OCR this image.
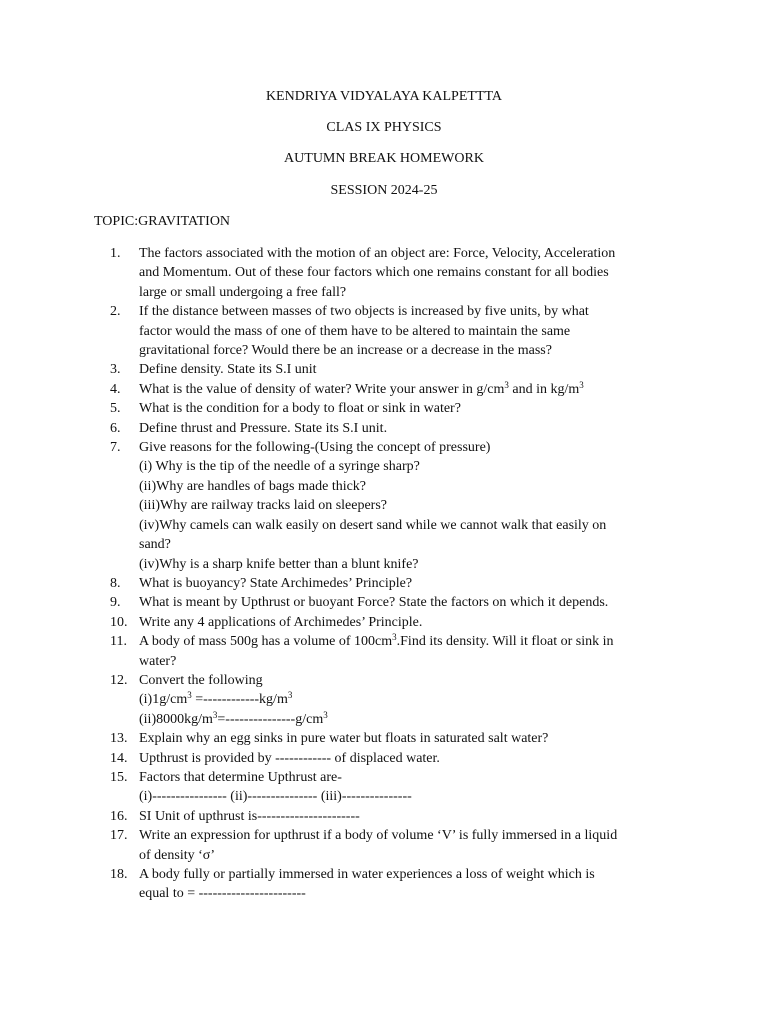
KENDRIYA VIDYALAYA KALPETTTA
CLAS IX PHYSICS
AUTUMN BREAK HOMEWORK
SESSION 2024-25
TOPIC:GRAVITATION
1.	The factors associated with the motion of an object are: Force, Velocity, Acceleration
and Momentum. Out of these four factors which one remains constant for all bodies
large or small undergoing a free fall?
2.	If the distance between masses of two objects is increased by five units, by what
factor would the mass of one of them have to be altered to maintain the same
gravitational force? Would there be an increase or a decrease in the mass?
3.	Define density. State its S.I unit
4.	What is the value of density of water? Write your answer in $g/cm^3$ and in $kg/m^3$
5.	What is the condition for a body to float or sink in water?
6.	Define thrust and Pressure. State its S.I unit.
7.	Give reasons for the following-(Using the concept of pressure)
(i) Why is the tip of the needle of a syringe sharp?
(ii)Why are handles of bags made thick?
(iii)Why are railway tracks laid on sleepers?
(iv)Why camels can walk easily on desert sand while we cannot walk that easily on
sand?
(iv)Why is a sharp knife better than a blunt knife?
8.	What is buoyancy? State Archimedes’ Principle?
9.	What is meant by Upthrust or buoyant Force? State the factors on which it depends.
10. Write any 4 applications of Archimedes’ Principle.
11. A body of mass 500g has a volume of $100cm^3.Find$ its density. Will it float or sink in
water?
12. Convert the following
$(i)1g/cm^3 =------------kg/m^3$
$(ii)8000kg/m^3=---------------g/cm^3$
13. Explain why an egg sinks in pure water but floats in saturated salt water?
14. Upthrust is provided by ------------ of displaced water.
15. Factors that determine Upthrust are-
(i)---------------- (ii)--------------- (iii)---------------
16. SI Unit of upthrust is----------------------
17. Write an expression for upthrust if a body of volume ‘V’ is fully immersed in a liquid
of density ‘σ’
18. A body fully or partially immersed in water experiences a loss of weight which is
equal to = -----------------------
